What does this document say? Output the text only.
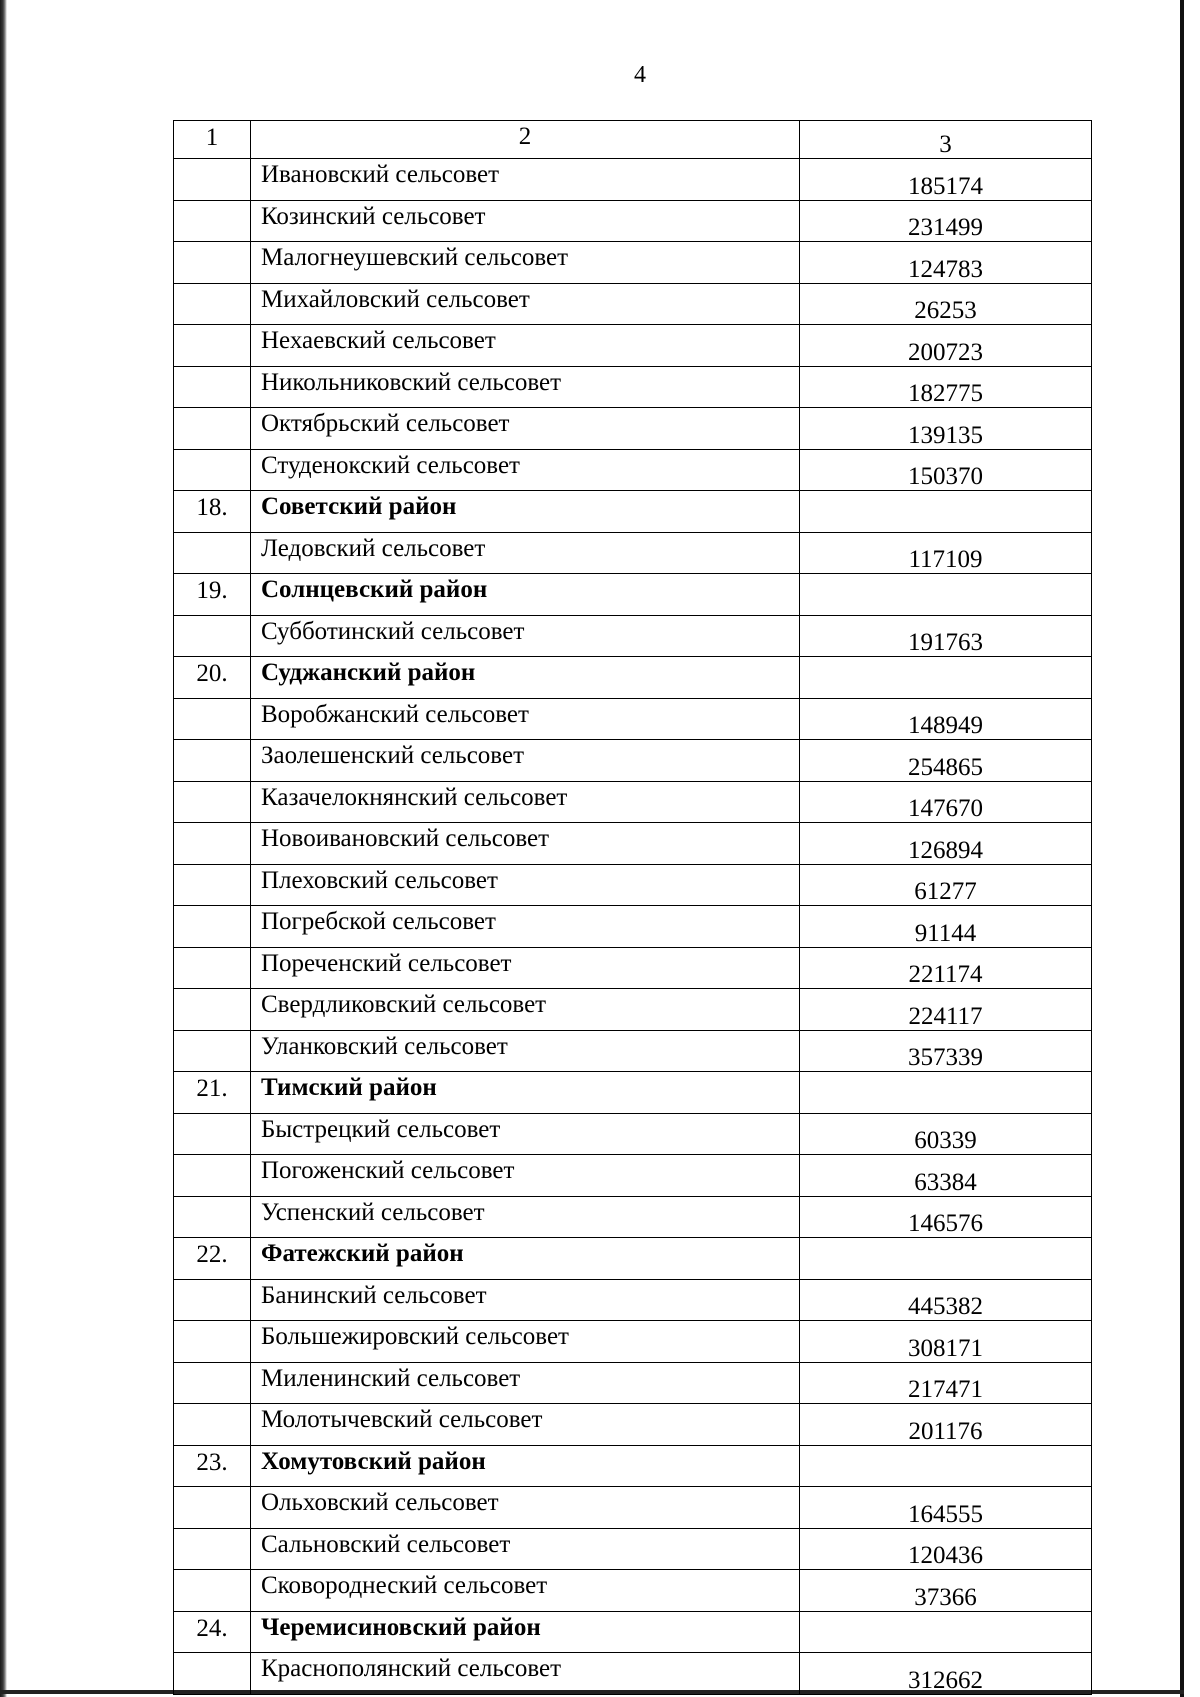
4
1	2	3
	Ивановский сельсовет	185174
	Козинский сельсовет	231499
	Малогнеушевский сельсовет	124783
	Михайловский сельсовет	26253
	Нехаевский сельсовет	200723
	Никольниковский сельсовет	182775
	Октябрьский сельсовет	139135
	Студенокский сельсовет	150370
18.	Советский район	
	Ледовский сельсовет	117109
19.	Солнцевский район	
	Субботинский сельсовет	191763
20.	Суджанский район	
	Воробжанский сельсовет	148949
	Заолешенский сельсовет	254865
	Казачелокнянский сельсовет	147670
	Новоивановский сельсовет	126894
	Плеховский сельсовет	61277
	Погребской сельсовет	91144
	Пореченский сельсовет	221174
	Свердликовский сельсовет	224117
	Уланковский сельсовет	357339
21.	Тимский район	
	Быстрецкий сельсовет	60339
	Погоженский сельсовет	63384
	Успенский сельсовет	146576
22.	Фатежский район	
	Банинский сельсовет	445382
	Большежировский сельсовет	308171
	Миленинский сельсовет	217471
	Молотычевский сельсовет	201176
23.	Хомутовский район	
	Ольховский сельсовет	164555
	Сальновский сельсовет	120436
	Сковороднеский сельсовет	37366
24.	Черемисиновский район	
	Краснополянский сельсовет	312662
